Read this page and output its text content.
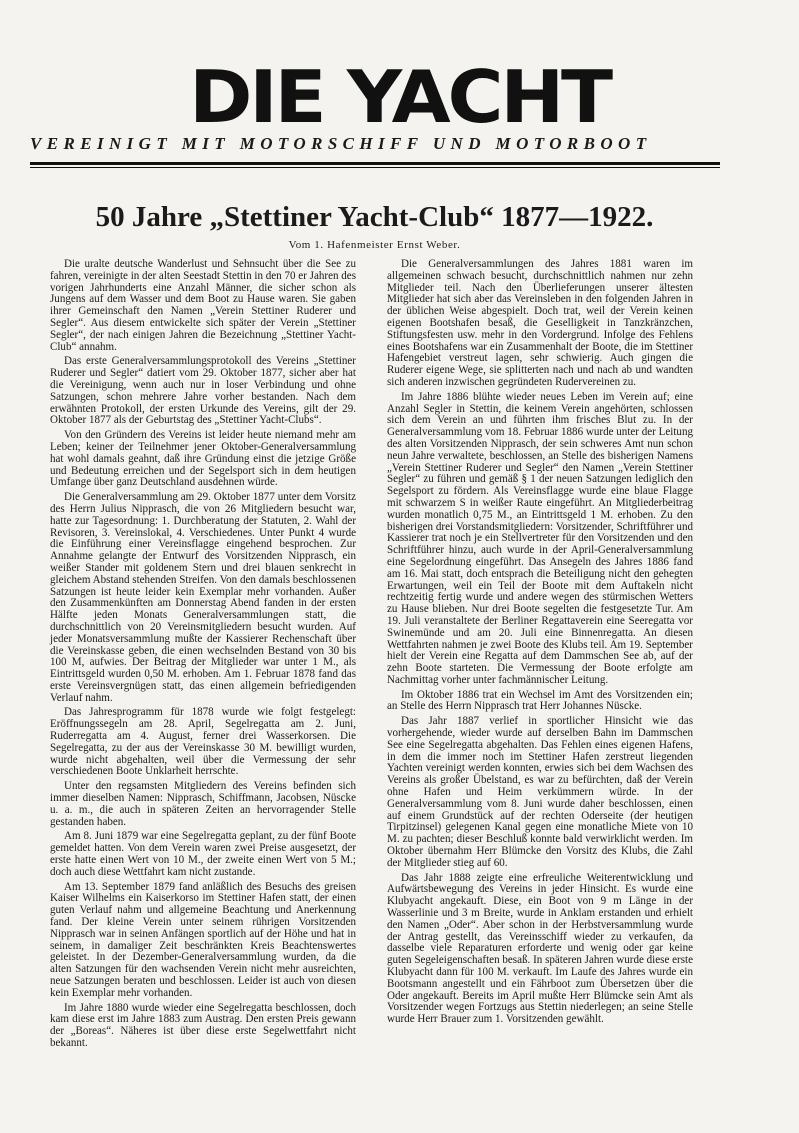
DIE YACHT
VEREINIGT MIT MOTORSCHIFF UND MOTORBOOT
50 Jahre „Stettiner Yacht-Club“ 1877—1922.
Vom 1. Hafenmeister Ernst Weber.

Die uralte deutsche Wanderlust und Sehnsucht über die See zu fahren, vereinigte in der alten Seestadt Stettin in den 70 er Jahren des vorigen Jahrhunderts eine Anzahl Männer, die sicher schon als Jungens auf dem Wasser und dem Boot zu Hause waren. Sie gaben ihrer Gemeinschaft den Namen „Verein Stettiner Ruderer und Segler“. Aus diesem entwickelte sich später der Verein „Stettiner Segler“, der nach einigen Jahren die Bezeichnung „Stettiner Yacht-Club“ annahm.

Das erste Generalversammlungsprotokoll des Vereins „Stettiner Ruderer und Segler“ datiert vom 29. Oktober 1877, sicher aber hat die Vereinigung, wenn auch nur in loser Verbindung und ohne Satzungen, schon mehrere Jahre vorher bestanden. Nach dem erwähnten Protokoll, der ersten Urkunde des Vereins, gilt der 29. Oktober 1877 als der Geburtstag des „Stettiner Yacht-Clubs“.

Von den Gründern des Vereins ist leider heute niemand mehr am Leben; keiner der Teilnehmer jener Oktober-Generalversammlung hat wohl damals geahnt, daß ihre Gründung einst die jetzige Größe und Bedeutung erreichen und der Segelsport sich in dem heutigen Umfange über ganz Deutschland ausdehnen würde.

Die Generalversammlung am 29. Oktober 1877 unter dem Vorsitz des Herrn Julius Nipprasch, die von 26 Mitgliedern besucht war, hatte zur Tagesordnung: 1. Durchberatung der Statuten, 2. Wahl der Revisoren, 3. Vereinslokal, 4. Verschiedenes. Unter Punkt 4 wurde die Einführung einer Vereinsflagge eingehend besprochen. Zur Annahme gelangte der Entwurf des Vorsitzenden Nipprasch, ein weißer Stander mit goldenem Stern und drei blauen senkrecht in gleichem Abstand stehenden Streifen. Von den damals beschlossenen Satzungen ist heute leider kein Exemplar mehr vorhanden. Außer den Zusammenkünften am Donnerstag Abend fanden in der ersten Hälfte jeden Monats Generalversammlungen statt, die durchschnittlich von 20 Vereinsmitgliedern besucht wurden. Auf jeder Monatsversammlung mußte der Kassierer Rechenschaft über die Vereinskasse geben, die einen wechselnden Bestand von 30 bis 100 M, aufwies. Der Beitrag der Mitglieder war unter 1 M., als Eintrittsgeld wurden 0,50 M. erhoben. Am 1. Februar 1878 fand das erste Vereinsvergnügen statt, das einen allgemein befriedigenden Verlauf nahm.

Das Jahresprogramm für 1878 wurde wie folgt festgelegt: Eröffnungssegeln am 28. April, Segelregatta am 2. Juni, Ruderregatta am 4. August, ferner drei Wasserkorsen. Die Segelregatta, zu der aus der Vereinskasse 30 M. bewilligt wurden, wurde nicht abgehalten, weil über die Vermessung der sehr verschiedenen Boote Unklarheit herrschte.

Unter den regsamsten Mitgliedern des Vereins befinden sich immer dieselben Namen: Nipprasch, Schiffmann, Jacobsen, Nüscke u. a. m., die auch in späteren Zeiten an hervorragender Stelle gestanden haben.

Am 8. Juni 1879 war eine Segelregatta geplant, zu der fünf Boote gemeldet hatten. Von dem Verein waren zwei Preise ausgesetzt, der erste hatte einen Wert von 10 M., der zweite einen Wert von 5 M.; doch auch diese Wettfahrt kam nicht zustande.

Am 13. September 1879 fand anläßlich des Besuchs des greisen Kaiser Wilhelms ein Kaiserkorso im Stettiner Hafen statt, der einen guten Verlauf nahm und allgemeine Beachtung und Anerkennung fand. Der kleine Verein unter seinem rührigen Vorsitzenden Nipprasch war in seinen Anfängen sportlich auf der Höhe und hat in seinem, in damaliger Zeit beschränkten Kreis Beachtenswertes geleistet. In der Dezember-Generalversammlung wurden, da die alten Satzungen für den wachsenden Verein nicht mehr ausreichten, neue Satzungen beraten und beschlossen. Leider ist auch von diesen kein Exemplar mehr vorhanden.

Im Jahre 1880 wurde wieder eine Segelregatta beschlossen, doch kam diese erst im Jahre 1883 zum Austrag. Den ersten Preis gewann der „Boreas“. Näheres ist über diese erste Segelwettfahrt nicht bekannt.

Die Generalversammlungen des Jahres 1881 waren im allgemeinen schwach besucht, durchschnittlich nahmen nur zehn Mitglieder teil. Nach den Überlieferungen unserer ältesten Mitglieder hat sich aber das Vereinsleben in den folgenden Jahren in der üblichen Weise abgespielt. Doch trat, weil der Verein keinen eigenen Bootshafen besaß, die Geselligkeit in Tanzkränzchen, Stiftungsfesten usw. mehr in den Vordergrund. Infolge des Fehlens eines Bootshafens war ein Zusammenhalt der Boote, die im Stettiner Hafengebiet verstreut lagen, sehr schwierig. Auch gingen die Ruderer eigene Wege, sie splitterten nach und nach ab und wandten sich anderen inzwischen gegründeten Rudervereinen zu.

Im Jahre 1886 blühte wieder neues Leben im Verein auf; eine Anzahl Segler in Stettin, die keinem Verein angehörten, schlossen sich dem Verein an und führten ihm frisches Blut zu. In der Generalversammlung vom 18. Februar 1886 wurde unter der Leitung des alten Vorsitzenden Nipprasch, der sein schweres Amt nun schon neun Jahre verwaltete, beschlossen, an Stelle des bisherigen Namens „Verein Stettiner Ruderer und Segler“ den Namen „Verein Stettiner Segler“ zu führen und gemäß § 1 der neuen Satzungen lediglich den Segelsport zu fördern. Als Vereinsflagge wurde eine blaue Flagge mit schwarzem S in weißer Raute eingeführt. An Mitgliederbeitrag wurden monatlich 0,75 M., an Eintrittsgeld 1 M. erhoben. Zu den bisherigen drei Vorstandsmitgliedern: Vorsitzender, Schriftführer und Kassierer trat noch je ein Stellvertreter für den Vorsitzenden und den Schriftführer hinzu, auch wurde in der April-Generalversammlung eine Segelordnung eingeführt. Das Ansegeln des Jahres 1886 fand am 16. Mai statt, doch entsprach die Beteiligung nicht den gehegten Erwartungen, weil ein Teil der Boote mit dem Auftakeln nicht rechtzeitig fertig wurde und andere wegen des stürmischen Wetters zu Hause blieben. Nur drei Boote segelten die festgesetzte Tur. Am 19. Juli veranstaltete der Berliner Regattaverein eine Seeregatta vor Swinemünde und am 20. Juli eine Binnenregatta. An diesen Wettfahrten nahmen je zwei Boote des Klubs teil. Am 19. September hielt der Verein eine Regatta auf dem Dammschen See ab, auf der zehn Boote starteten. Die Vermessung der Boote erfolgte am Nachmittag vorher unter fachmännischer Leitung.

Im Oktober 1886 trat ein Wechsel im Amt des Vorsitzenden ein; an Stelle des Herrn Nipprasch trat Herr Johannes Nüscke.

Das Jahr 1887 verlief in sportlicher Hinsicht wie das vorhergehende, wieder wurde auf derselben Bahn im Dammschen See eine Segelregatta abgehalten. Das Fehlen eines eigenen Hafens, in dem die immer noch im Stettiner Hafen zerstreut liegenden Yachten vereinigt werden konnten, erwies sich bei dem Wachsen des Vereins als großer Übelstand, es war zu befürchten, daß der Verein ohne Hafen und Heim verkümmern würde. In der Generalversammlung vom 8. Juni wurde daher beschlossen, einen auf einem Grundstück auf der rechten Oderseite (der heutigen Tirpitzinsel) gelegenen Kanal gegen eine monatliche Miete von 10 M. zu pachten; dieser Beschluß konnte bald verwirklicht werden. Im Oktober übernahm Herr Blümcke den Vorsitz des Klubs, die Zahl der Mitglieder stieg auf 60.

Das Jahr 1888 zeigte eine erfreuliche Weiterentwicklung und Aufwärtsbewegung des Vereins in jeder Hinsicht. Es wurde eine Klubyacht angekauft. Diese, ein Boot von 9 m Länge in der Wasserlinie und 3 m Breite, wurde in Anklam erstanden und erhielt den Namen „Oder“. Aber schon in der Herbstversammlung wurde der Antrag gestellt, das Vereinsschiff wieder zu verkaufen, da dasselbe viele Reparaturen erforderte und wenig oder gar keine guten Segeleigenschaften besaß. In späteren Jahren wurde diese erste Klubyacht dann für 100 M. verkauft. Im Laufe des Jahres wurde ein Bootsmann angestellt und ein Fährboot zum Übersetzen über die Oder angekauft. Bereits im April mußte Herr Blümcke sein Amt als Vorsitzender wegen Fortzugs aus Stettin niederlegen; an seine Stelle wurde Herr Brauer zum 1. Vorsitzenden gewählt.
